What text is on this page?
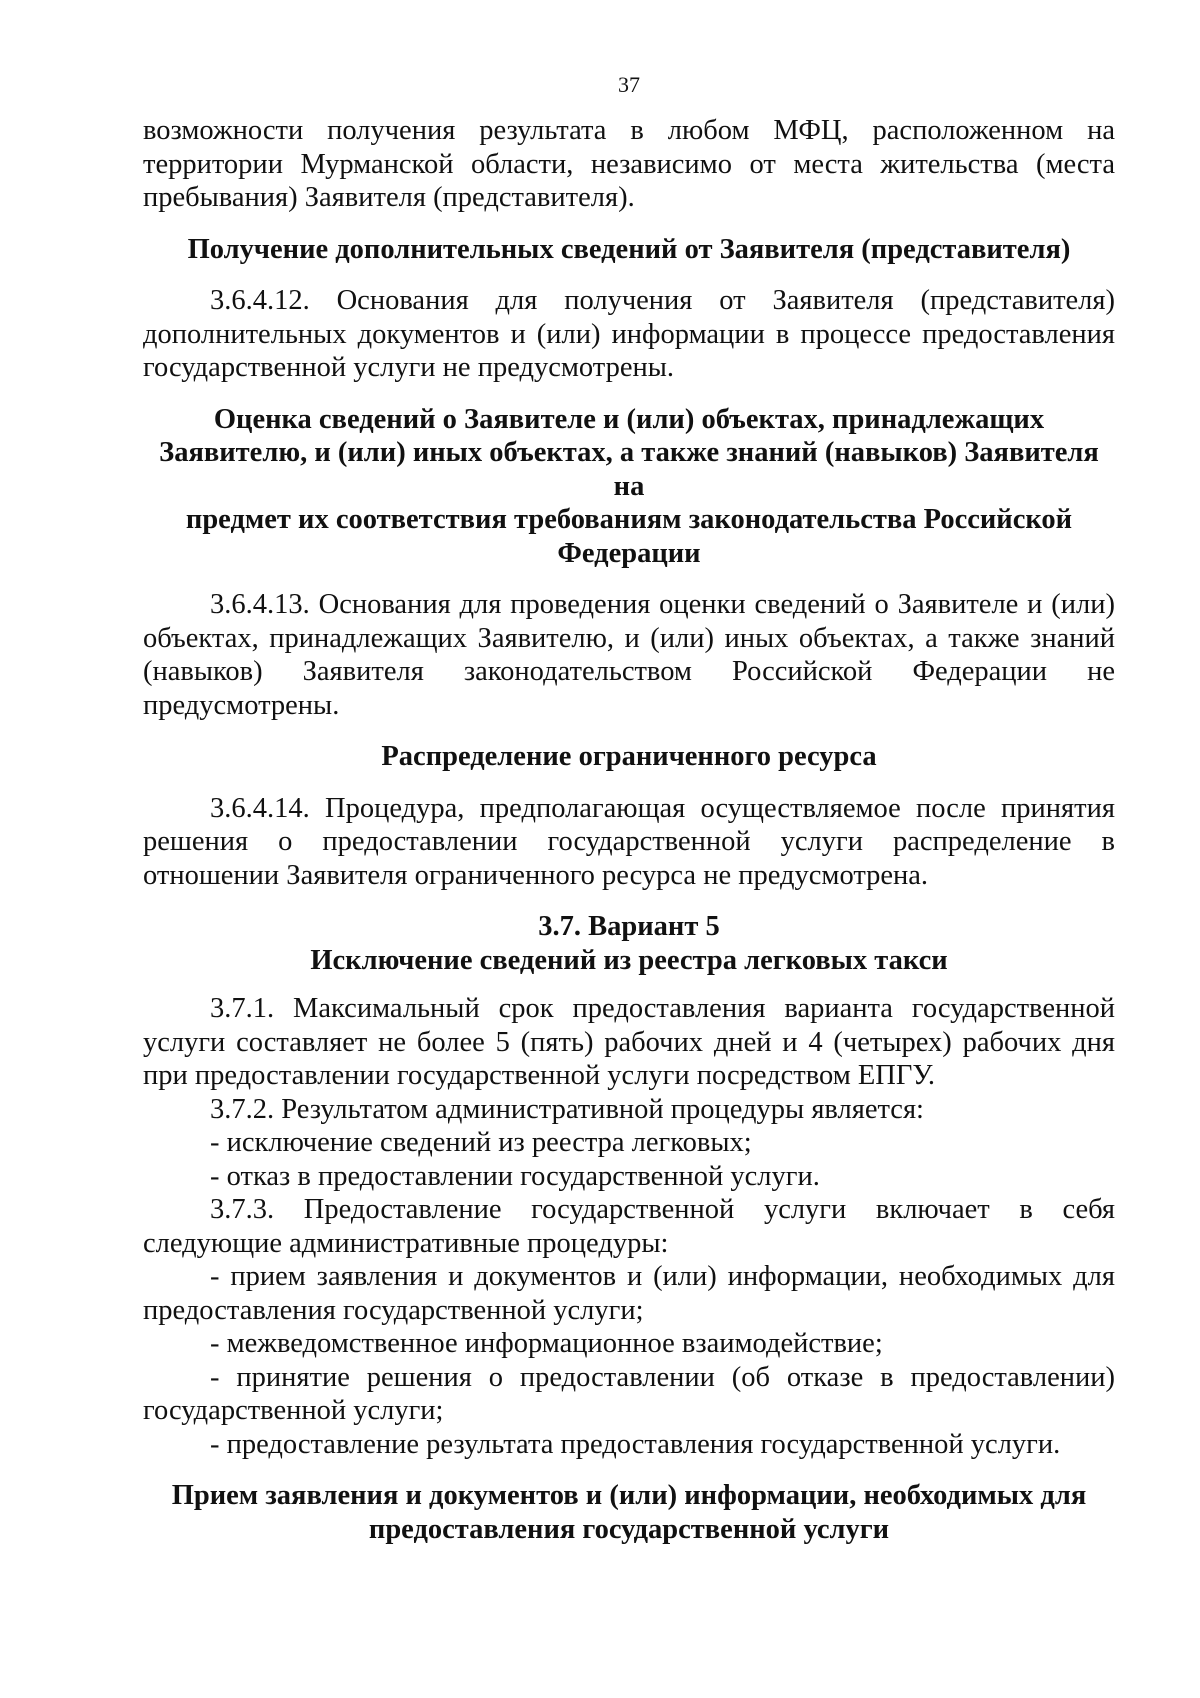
37

возможности получения результата в любом МФЦ, расположенном на территории Мурманской области, независимо от места жительства (места пребывания) Заявителя (представителя).

Получение дополнительных сведений от Заявителя (представителя)

3.6.4.12. Основания для получения от Заявителя (представителя) дополнительных документов и (или) информации в процессе предоставления государственной услуги не предусмотрены.

Оценка сведений о Заявителе и (или) объектах, принадлежащих
Заявителю, и (или) иных объектах, а также знаний (навыков) Заявителя на
предмет их соответствия требованиям законодательства Российской
Федерации

3.6.4.13. Основания для проведения оценки сведений о Заявителе и (или) объектах, принадлежащих Заявителю, и (или) иных объектах, а также знаний (навыков) Заявителя законодательством Российской Федерации не предусмотрены.

Распределение ограниченного ресурса

3.6.4.14. Процедура, предполагающая осуществляемое после принятия решения о предоставлении государственной услуги распределение в отношении Заявителя ограниченного ресурса не предусмотрена.

3.7. Вариант 5
Исключение сведений из реестра легковых такси

3.7.1. Максимальный срок предоставления варианта государственной услуги составляет не более 5 (пять) рабочих дней и 4 (четырех) рабочих дня при предоставлении государственной услуги посредством ЕПГУ.

3.7.2. Результатом административной процедуры является:

- исключение сведений из реестра легковых;

- отказ в предоставлении государственной услуги.

3.7.3. Предоставление государственной услуги включает в себя следующие административные процедуры:

- прием заявления и документов и (или) информации, необходимых для предоставления государственной услуги;

- межведомственное информационное взаимодействие;

- принятие решения о предоставлении (об отказе в предоставлении) государственной услуги;

- предоставление результата предоставления государственной услуги.

Прием заявления и документов и (или) информации, необходимых для
предоставления государственной услуги
